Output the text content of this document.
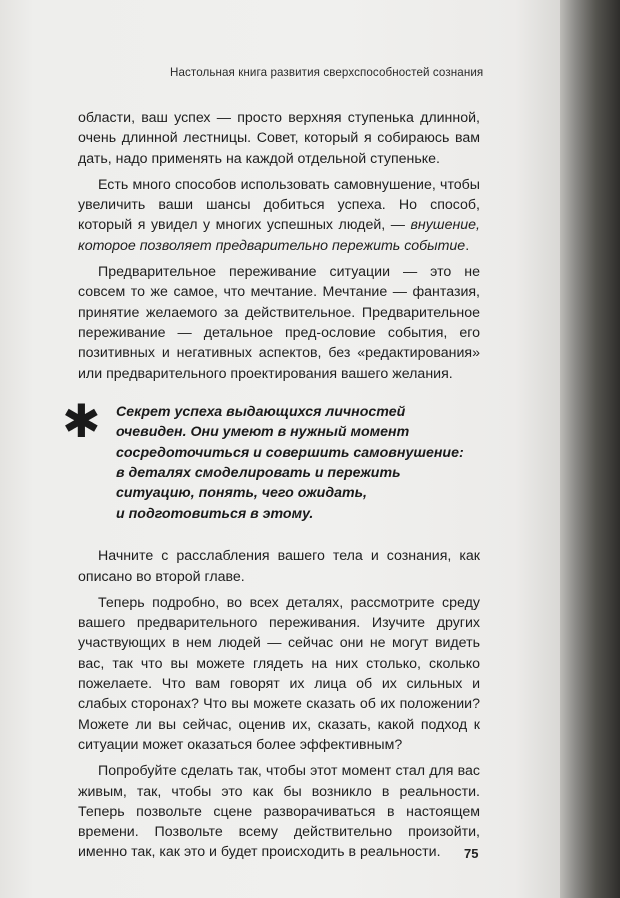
Настольная книга развития сверхспособностей сознания

области, ваш успех — просто верхняя ступенька длинной, очень длинной лестницы. Совет, который я собираюсь вам дать, надо применять на каждой отдельной ступеньке.

Есть много способов использовать самовнушение, чтобы увеличить ваши шансы добиться успеха. Но способ, который я увидел у многих успешных людей, — внушение, которое позволяет предварительно пережить событие.

Предварительное переживание ситуации — это не совсем то же самое, что мечтание. Мечтание — фантазия, принятие желаемого за действительное. Предварительное переживание — детальное пред-ословие события, его позитивных и негативных аспектов, без «редактирования» или предварительного проектирования вашего желания.

✱ Секрет успеха выдающихся личностей
очевиден. Они умеют в нужный момент
сосредоточиться и совершить самовнушение:
в деталях смоделировать и пережить
ситуацию, понять, чего ожидать,
и подготовиться в этому.

Начните с расслабления вашего тела и сознания, как описано во второй главе.

Теперь подробно, во всех деталях, рассмотрите среду вашего предварительного переживания. Изучите других участвующих в нем людей — сейчас они не могут видеть вас, так что вы можете глядеть на них столько, сколько пожелаете. Что вам говорят их лица об их сильных и слабых сторонах? Что вы можете сказать об их положении? Можете ли вы сейчас, оценив их, сказать, какой подход к ситуации может оказаться более эффективным?

Попробуйте сделать так, чтобы этот момент стал для вас живым, так, чтобы это как бы возникло в реальности. Теперь позвольте сцене разворачиваться в настоящем времени. Позвольте всему действительно произойти, именно так, как это и будет происходить в реальности.	75
